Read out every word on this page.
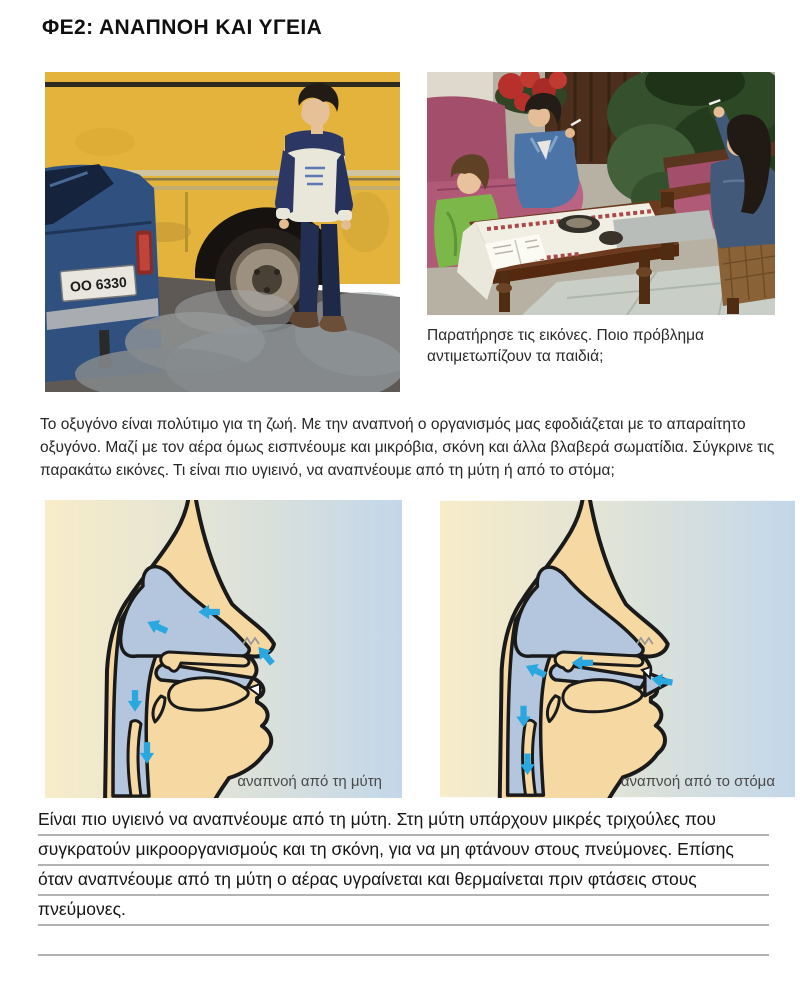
ΦΕ2: ΑΝΑΠΝΟΗ ΚΑΙ ΥΓΕΙΑ
ΟΟ 6330
Παρατήρησε τις εικόνες. Ποιο πρόβλημα αντιμετωπίζουν τα παιδιά;
Το οξυγόνο είναι πολύτιμο για τη ζωή. Με την αναπνοή ο οργανισμός μας εφοδιάζεται με το απαραίτητο οξυγόνο. Μαζί με τον αέρα όμως εισπνέουμε και μικρόβια, σκόνη και άλλα βλαβερά σωματίδια. Σύγκρινε τις παρακάτω εικόνες. Τι είναι πιο υγιεινό, να αναπνέουμε από τη μύτη ή από το στόμα;
αναπνοή από τη μύτη	αναπνοή από το στόμα
Είναι πιο υγιεινό να αναπνέουμε από τη μύτη. Στη μύτη υπάρχουν μικρές τριχούλες που
συγκρατούν μικροοργανισμούς και τη σκόνη, για να μη φτάνουν στους πνεύμονες. Επίσης
όταν αναπνέουμε από τη μύτη ο αέρας υγραίνεται και θερμαίνεται πριν φτάσεις στους
πνεύμονες.
